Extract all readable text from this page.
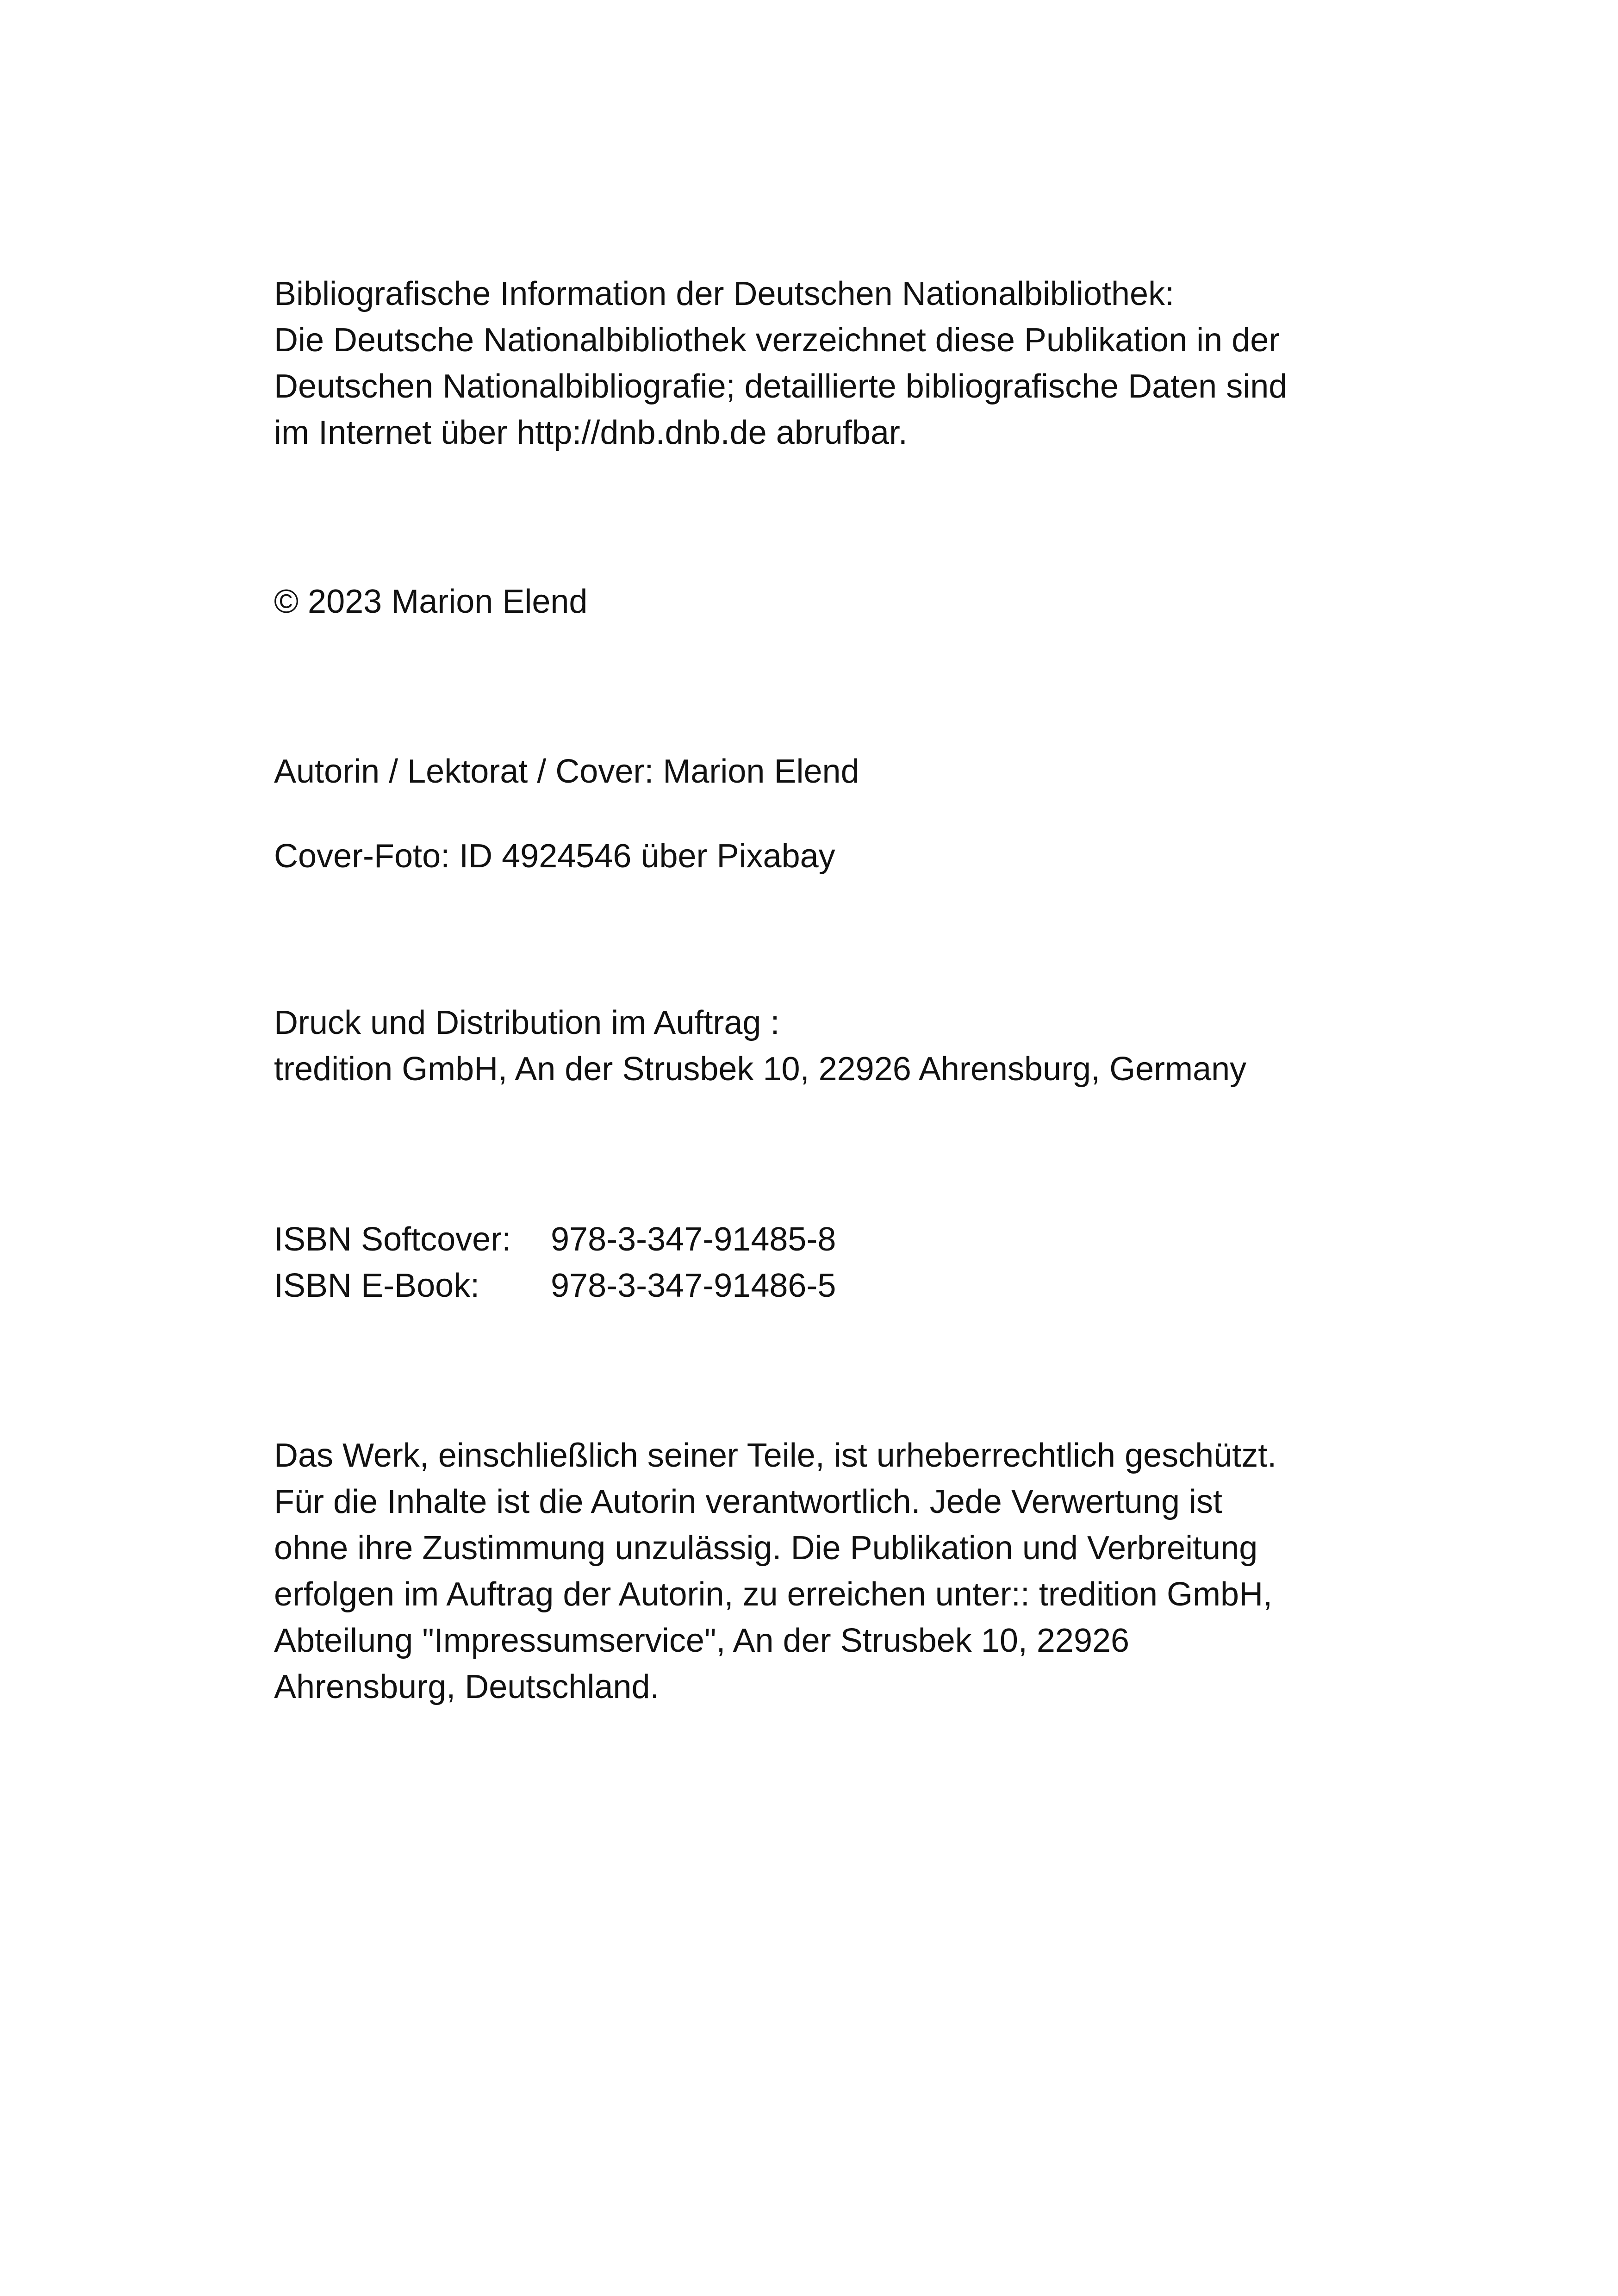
Bibliografische Information der Deutschen Nationalbibliothek:
Die Deutsche Nationalbibliothek verzeichnet diese Publikation in der
Deutschen Nationalbibliografie; detaillierte bibliografische Daten sind
im Internet über http://dnb.dnb.de abrufbar.
© 2023 Marion Elend
Autorin / Lektorat / Cover: Marion Elend
Cover-Foto: ID 4924546 über Pixabay
Druck und Distribution im Auftrag :
tredition GmbH, An der Strusbek 10, 22926 Ahrensburg, Germany
ISBN Softcover: 978-3-347-91485-8
ISBN E-Book: 978-3-347-91486-5
Das Werk, einschließlich seiner Teile, ist urheberrechtlich geschützt.
Für die Inhalte ist die Autorin verantwortlich. Jede Verwertung ist
ohne ihre Zustimmung unzulässig. Die Publikation und Verbreitung
erfolgen im Auftrag der Autorin, zu erreichen unter:: tredition GmbH,
Abteilung "Impressumservice", An der Strusbek 10, 22926
Ahrensburg, Deutschland.
